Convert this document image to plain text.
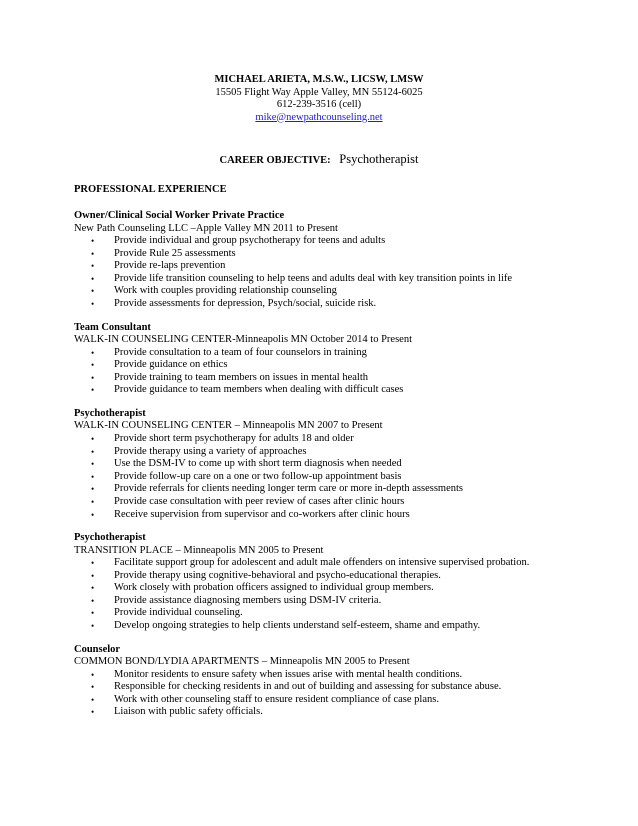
MICHAEL ARIETA, M.S.W., LICSW, LMSW
15505 Flight Way Apple Valley, MN 55124-6025
612-239-3516 (cell)
mike@newpathcounseling.net
CAREER OBJECTIVE: Psychotherapist
PROFESSIONAL EXPERIENCE
Owner/Clinical Social Worker Private Practice
New Path Counseling LLC –Apple Valley MN 2011 to Present
• Provide individual and group psychotherapy for teens and adults
• Provide Rule 25 assessments
• Provide re-laps prevention
• Provide life transition counseling to help teens and adults deal with key transition points in life
• Work with couples providing relationship counseling
• Provide assessments for depression, Psych/social, suicide risk.
Team Consultant
WALK-IN COUNSELING CENTER-Minneapolis MN October 2014 to Present
• Provide consultation to a team of four counselors in training
• Provide guidance on ethics
• Provide training to team members on issues in mental health
• Provide guidance to team members when dealing with difficult cases
Psychotherapist
WALK-IN COUNSELING CENTER – Minneapolis MN 2007 to Present
• Provide short term psychotherapy for adults 18 and older
• Provide therapy using a variety of approaches
• Use the DSM-IV to come up with short term diagnosis when needed
• Provide follow-up care on a one or two follow-up appointment basis
• Provide referrals for clients needing longer term care or more in-depth assessments
• Provide case consultation with peer review of cases after clinic hours
• Receive supervision from supervisor and co-workers after clinic hours
Psychotherapist
TRANSITION PLACE – Minneapolis MN 2005 to Present
• Facilitate support group for adolescent and adult male offenders on intensive supervised probation.
• Provide therapy using cognitive-behavioral and psycho-educational therapies.
• Work closely with probation officers assigned to individual group members.
• Provide assistance diagnosing members using DSM-IV criteria.
• Provide individual counseling.
• Develop ongoing strategies to help clients understand self-esteem, shame and empathy.
Counselor
COMMON BOND/LYDIA APARTMENTS – Minneapolis MN 2005 to Present
• Monitor residents to ensure safety when issues arise with mental health conditions.
• Responsible for checking residents in and out of building and assessing for substance abuse.
• Work with other counseling staff to ensure resident compliance of case plans.
• Liaison with public safety officials.
